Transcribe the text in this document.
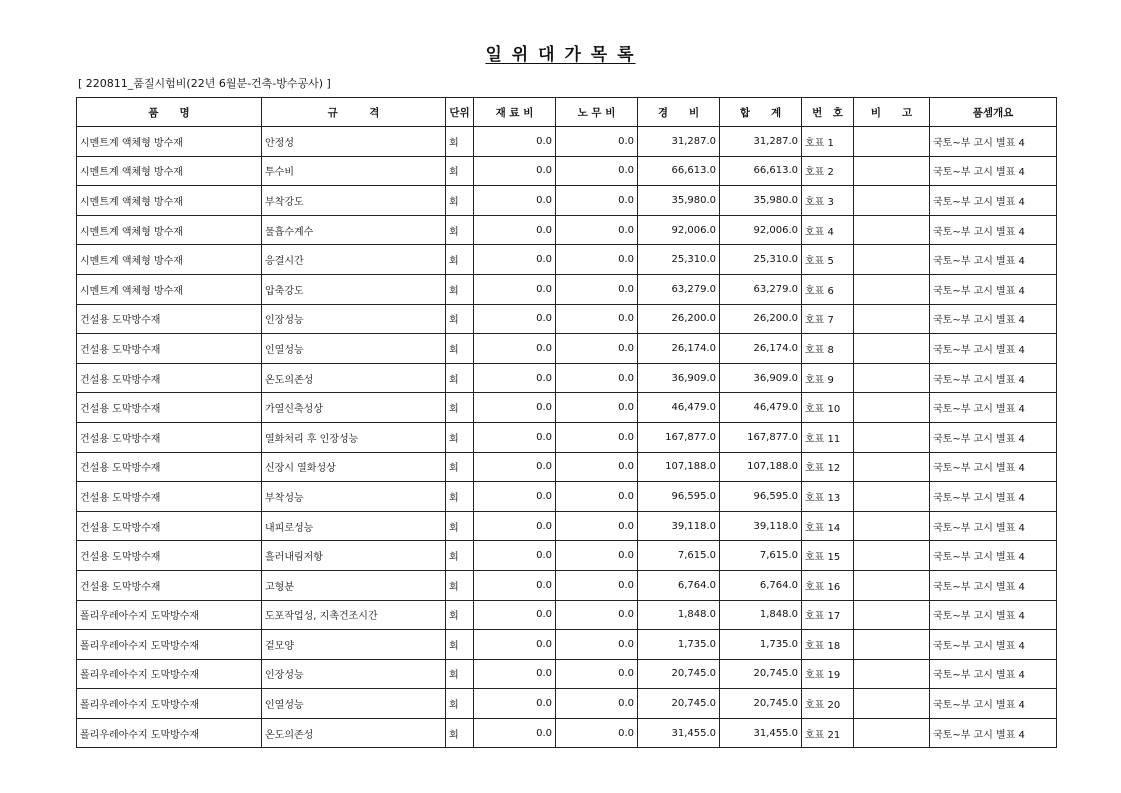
일 위 대 가 목 록
[ 220811_품질시험비(22년 6월분-건축-방수공사) ]
품　　명	규　　　격	단위	재 료 비	노 무 비	경　　비	합　　계	번　호	비　　고	품셈개요
시멘트계 액체형 방수재	안정성	회	0.0	0.0	31,287.0	31,287.0	호표 1		국토~부 고시 별표 4
시멘트계 액체형 방수재	투수비	회	0.0	0.0	66,613.0	66,613.0	호표 2		국토~부 고시 별표 4
시멘트계 액체형 방수재	부착강도	회	0.0	0.0	35,980.0	35,980.0	호표 3		국토~부 고시 별표 4
시멘트계 액체형 방수재	물흡수계수	회	0.0	0.0	92,006.0	92,006.0	호표 4		국토~부 고시 별표 4
시멘트계 액체형 방수재	응결시간	회	0.0	0.0	25,310.0	25,310.0	호표 5		국토~부 고시 별표 4
시멘트계 액체형 방수재	압축강도	회	0.0	0.0	63,279.0	63,279.0	호표 6		국토~부 고시 별표 4
건설용 도막방수재	인장성능	회	0.0	0.0	26,200.0	26,200.0	호표 7		국토~부 고시 별표 4
건설용 도막방수재	인열성능	회	0.0	0.0	26,174.0	26,174.0	호표 8		국토~부 고시 별표 4
건설용 도막방수재	온도의존성	회	0.0	0.0	36,909.0	36,909.0	호표 9		국토~부 고시 별표 4
건설용 도막방수재	가열신축성상	회	0.0	0.0	46,479.0	46,479.0	호표 10		국토~부 고시 별표 4
건설용 도막방수재	열화처리 후 인장성능	회	0.0	0.0	167,877.0	167,877.0	호표 11		국토~부 고시 별표 4
건설용 도막방수재	신장시 열화성상	회	0.0	0.0	107,188.0	107,188.0	호표 12		국토~부 고시 별표 4
건설용 도막방수재	부착성능	회	0.0	0.0	96,595.0	96,595.0	호표 13		국토~부 고시 별표 4
건설용 도막방수재	내피로성능	회	0.0	0.0	39,118.0	39,118.0	호표 14		국토~부 고시 별표 4
건설용 도막방수재	흘러내림저항	회	0.0	0.0	7,615.0	7,615.0	호표 15		국토~부 고시 별표 4
건설용 도막방수재	고형분	회	0.0	0.0	6,764.0	6,764.0	호표 16		국토~부 고시 별표 4
폴리우레아수지 도막방수재	도포작업성, 지촉건조시간	회	0.0	0.0	1,848.0	1,848.0	호표 17		국토~부 고시 별표 4
폴리우레아수지 도막방수재	겉모양	회	0.0	0.0	1,735.0	1,735.0	호표 18		국토~부 고시 별표 4
폴리우레아수지 도막방수재	인장성능	회	0.0	0.0	20,745.0	20,745.0	호표 19		국토~부 고시 별표 4
폴리우레아수지 도막방수재	인열성능	회	0.0	0.0	20,745.0	20,745.0	호표 20		국토~부 고시 별표 4
폴리우레아수지 도막방수재	온도의존성	회	0.0	0.0	31,455.0	31,455.0	호표 21		국토~부 고시 별표 4
